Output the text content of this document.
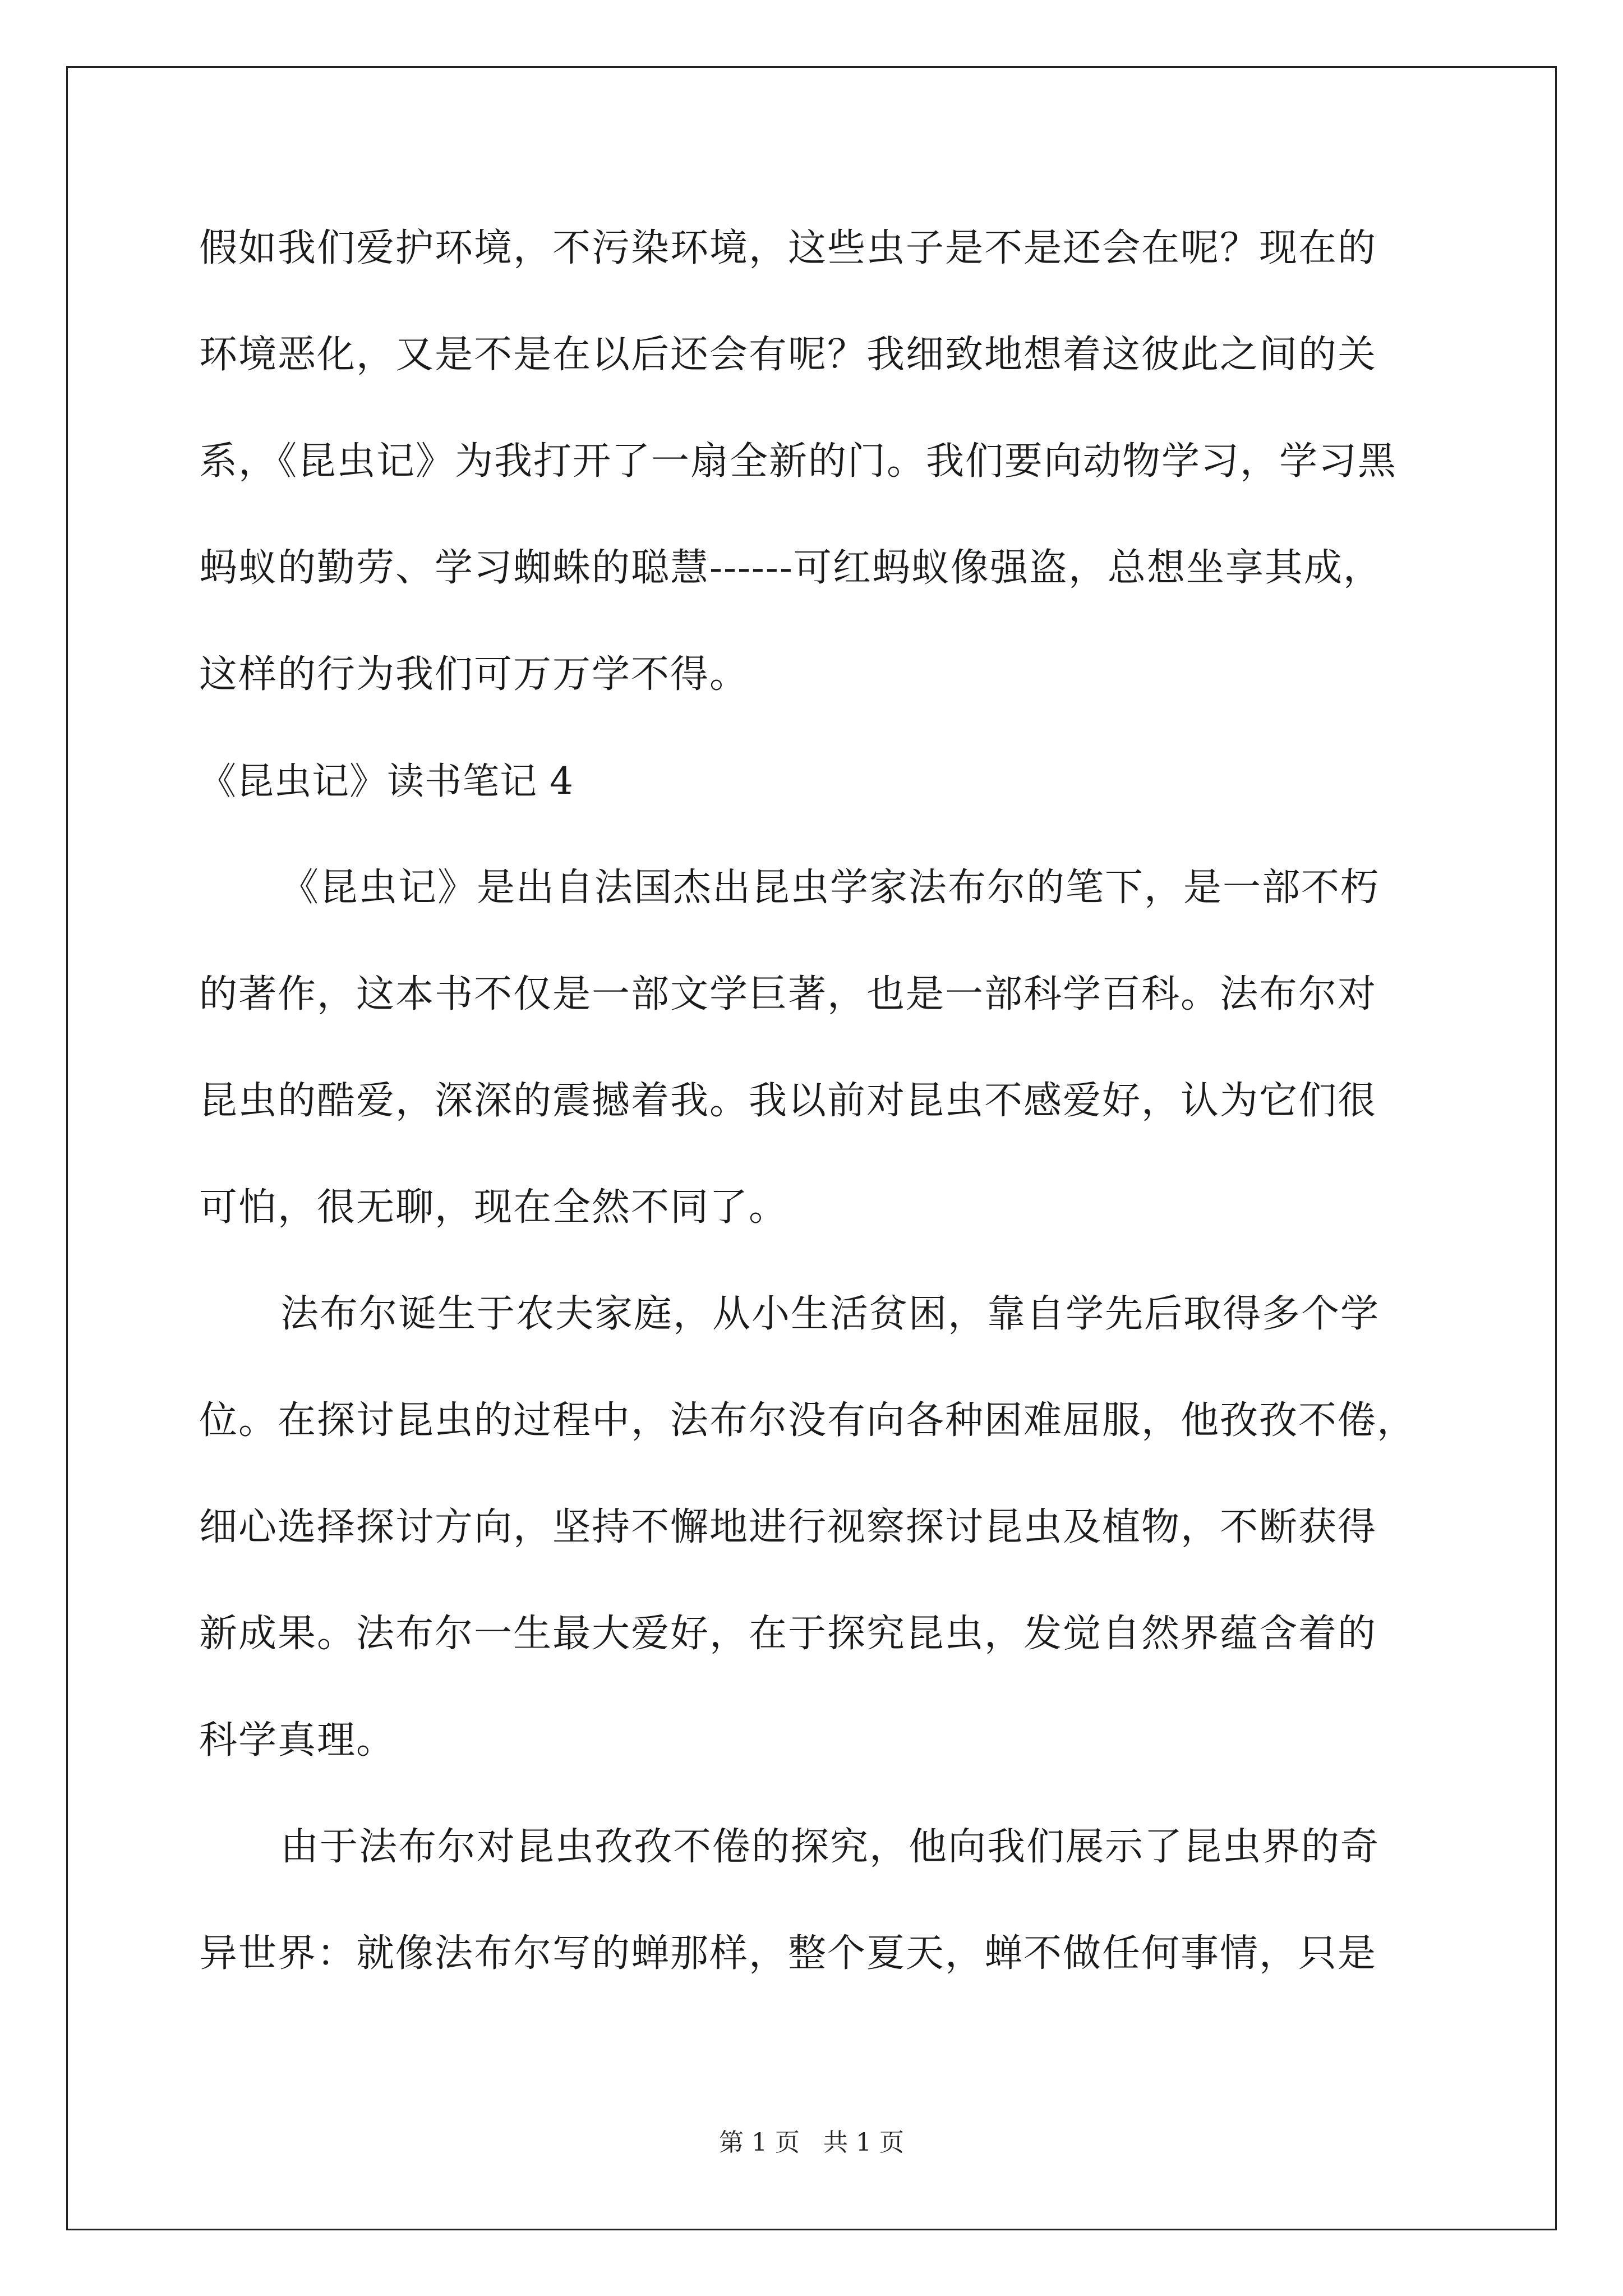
假如我们爱护环境，不污染环境，这些虫子是不是还会在呢？现在的
环境恶化，又是不是在以后还会有呢？我细致地想着这彼此之间的关
系，《昆虫记》为我打开了一扇全新的门。我们要向动物学习，学习黑
蚂蚁的勤劳、学习蜘蛛的聪慧------可红蚂蚁像强盗，总想坐享其成，
这样的行为我们可万万学不得。
《昆虫记》读书笔记 4
《昆虫记》是出自法国杰出昆虫学家法布尔的笔下，是一部不朽
的著作，这本书不仅是一部文学巨著，也是一部科学百科。法布尔对
昆虫的酷爱，深深的震撼着我。我以前对昆虫不感爱好，认为它们很
可怕，很无聊，现在全然不同了。
法布尔诞生于农夫家庭，从小生活贫困，靠自学先后取得多个学
位。在探讨昆虫的过程中，法布尔没有向各种困难屈服，他孜孜不倦，
细心选择探讨方向，坚持不懈地进行视察探讨昆虫及植物，不断获得
新成果。法布尔一生最大爱好，在于探究昆虫，发觉自然界蕴含着的
科学真理。
由于法布尔对昆虫孜孜不倦的探究，他向我们展示了昆虫界的奇
异世界：就像法布尔写的蝉那样，整个夏天，蝉不做任何事情，只是
第 1 页   共 1 页
